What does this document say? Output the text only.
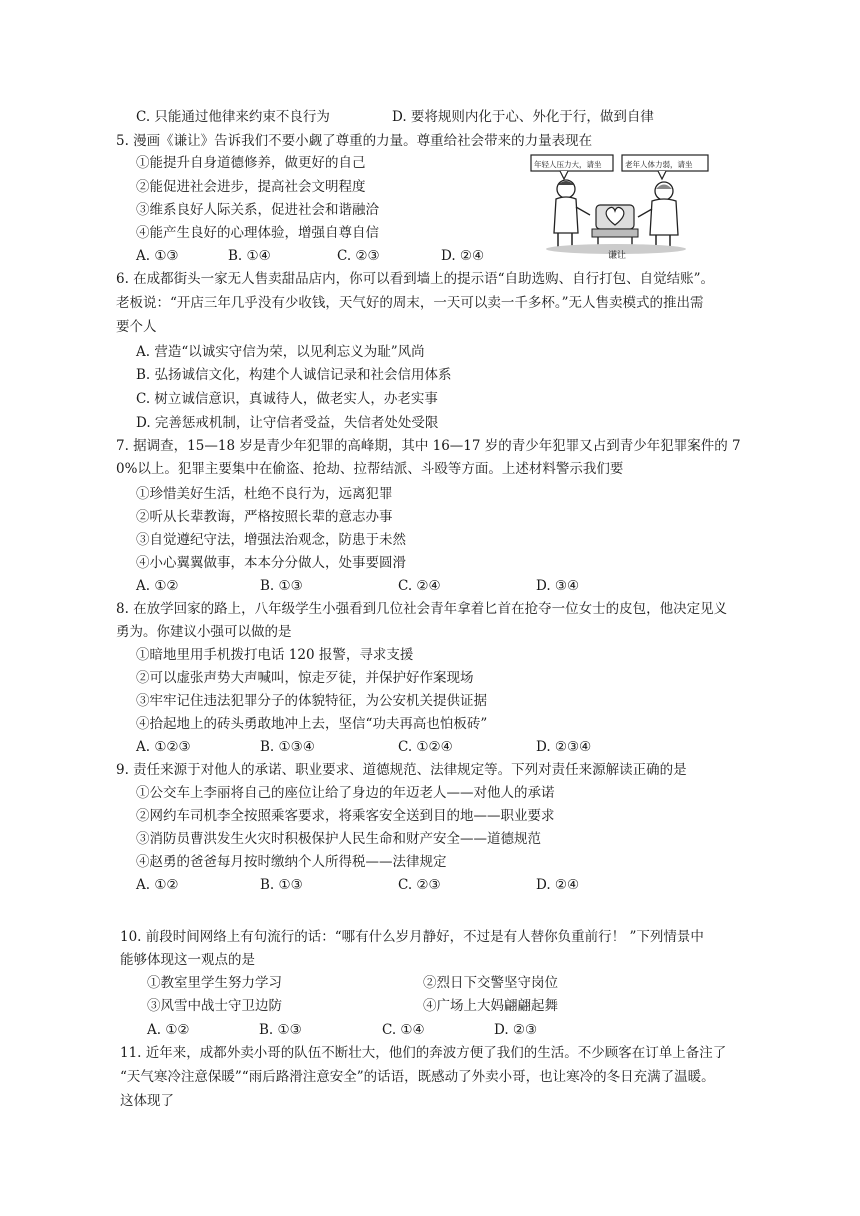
C. 只能通过他律来约束不良行为	D. 要将规则内化于心、外化于行，做到自律
5. 漫画《谦让》告诉我们不要小觑了尊重的力量。尊重给社会带来的力量表现在
①能提升自身道德修养，做更好的自己
②能促进社会进步，提高社会文明程度
③维系良好人际关系，促进社会和谐融洽
④能产生良好的心理体验，增强自尊自信
A. ①③	B. ①④	C. ②③	D. ②④
年轻人压力大，请坐	老年人体力弱，请坐
谦让
6. 在成都街头一家无人售卖甜品店内，你可以看到墙上的提示语“自助选购、自行打包、自觉结账”。
老板说：“开店三年几乎没有少收钱，天气好的周末，一天可以卖一千多杯。”无人售卖模式的推出需
要个人
A. 营造“以诚实守信为荣，以见利忘义为耻”风尚
B. 弘扬诚信文化，构建个人诚信记录和社会信用体系
C. 树立诚信意识，真诚待人，做老实人，办老实事
D. 完善惩戒机制，让守信者受益，失信者处处受限
7. 据调查，15—18 岁是青少年犯罪的高峰期，其中 16—17 岁的青少年犯罪又占到青少年犯罪案件的 7
0%以上。犯罪主要集中在偷盗、抢劫、拉帮结派、斗殴等方面。上述材料警示我们要
①珍惜美好生活，杜绝不良行为，远离犯罪
②听从长辈教诲，严格按照长辈的意志办事
③自觉遵纪守法，增强法治观念，防患于未然
④小心翼翼做事，本本分分做人，处事要圆滑
A. ①②	B. ①③	C. ②④	D. ③④
8. 在放学回家的路上，八年级学生小强看到几位社会青年拿着匕首在抢夺一位女士的皮包，他决定见义
勇为。你建议小强可以做的是
①暗地里用手机拨打电话 120 报警，寻求支援
②可以虚张声势大声喊叫，惊走歹徒，并保护好作案现场
③牢牢记住违法犯罪分子的体貌特征，为公安机关提供证据
④拾起地上的砖头勇敢地冲上去，坚信“功夫再高也怕板砖”
A. ①②③	B. ①③④	C. ①②④	D. ②③④
9. 责任来源于对他人的承诺、职业要求、道德规范、法律规定等。下列对责任来源解读正确的是
①公交车上李丽将自己的座位让给了身边的年迈老人——对他人的承诺
②网约车司机李全按照乘客要求，将乘客安全送到目的地——职业要求
③消防员曹洪发生火灾时积极保护人民生命和财产安全——道德规范
④赵勇的爸爸每月按时缴纳个人所得税——法律规定
A. ①②	B. ①③	C. ②③	D. ②④
10. 前段时间网络上有句流行的话：“哪有什么岁月静好，不过是有人替你负重前行！ ”下列情景中
能够体现这一观点的是
①教室里学生努力学习	②烈日下交警坚守岗位
③风雪中战士守卫边防	④广场上大妈翩翩起舞
A. ①②	B. ①③	C. ①④	D. ②③
11. 近年来，成都外卖小哥的队伍不断壮大，他们的奔波方便了我们的生活。不少顾客在订单上备注了
“天气寒冷注意保暖”“雨后路滑注意安全”的话语，既感动了外卖小哥，也让寒冷的冬日充满了温暖。
这体现了
